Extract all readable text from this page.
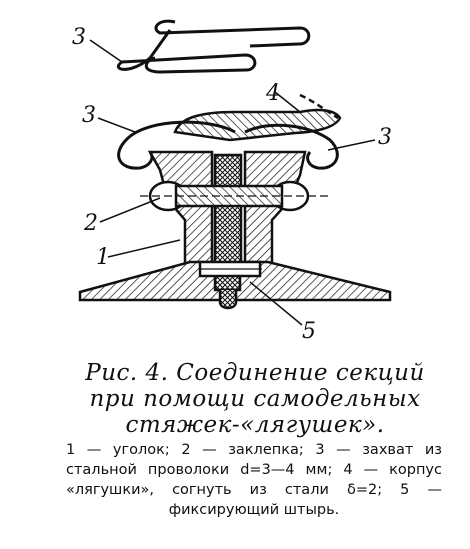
3
3
3
4
2
1
5
Рис. 4. Соединение секций
при помощи самодельных
стяжек-«лягушек».
1 — уголок; 2 — заклепка; 3 — захват из стальной проволоки d=3—4 мм; 4 — корпус «лягушки», согнуть из стали δ=2; 5 — фиксирующий штырь.
